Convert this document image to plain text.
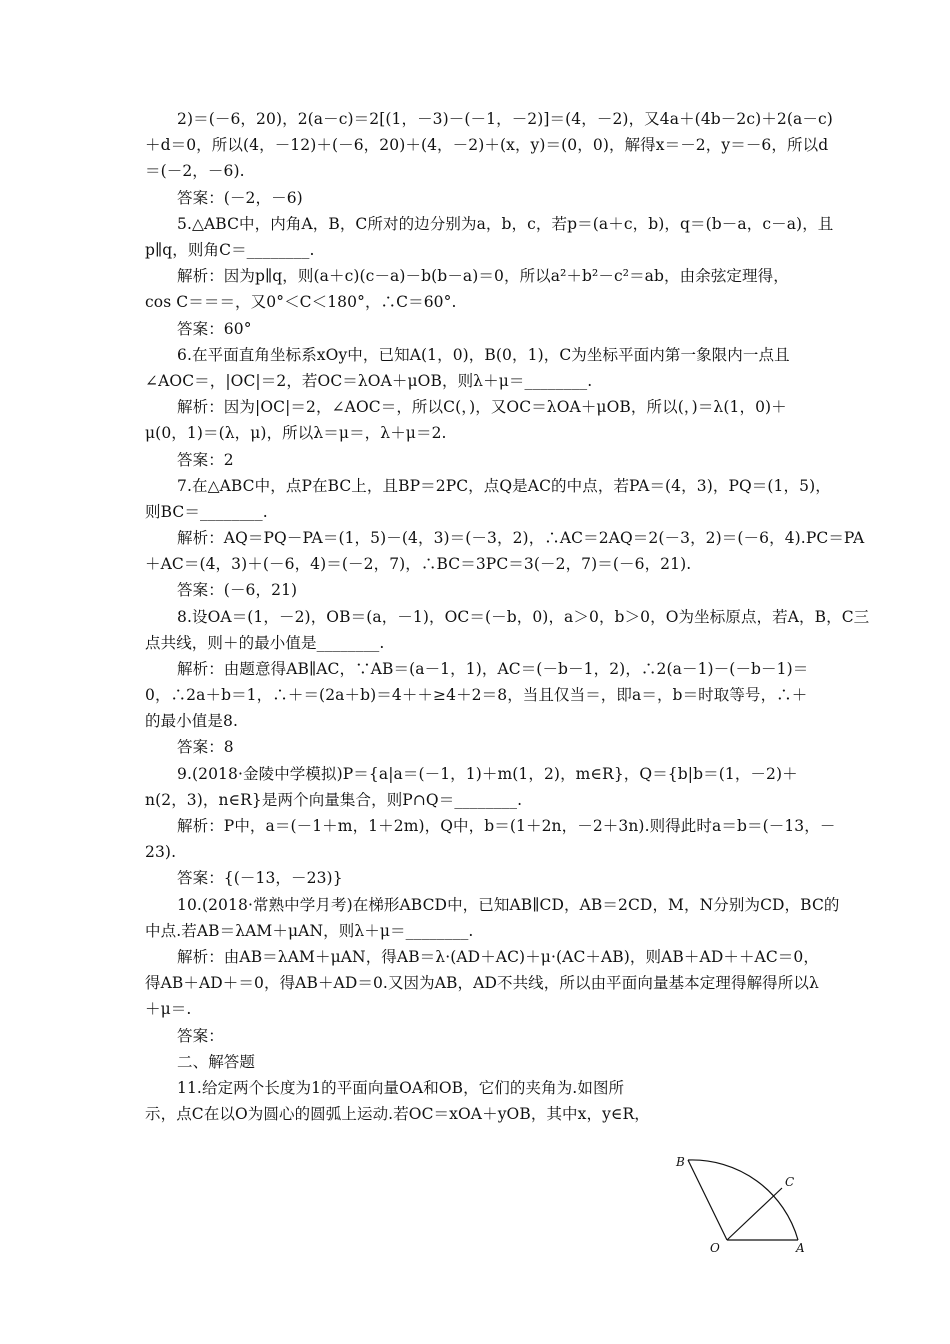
2)＝(－6，20)，2(a－c)＝2[(1，－3)－(－1，－2)]＝(4，－2)，又4a＋(4b－2c)＋2(a－c)
＋d＝0，所以(4，－12)＋(－6，20)＋(4，－2)＋(x，y)＝(0，0)，解得x＝－2，y＝－6，所以d
＝(－2，－6).
答案：(－2，－6)
5.△ABC中，内角A，B，C所对的边分别为a，b，c，若p＝(a＋c，b)，q＝(b－a，c－a)，且
p∥q，则角C＝________.
解析：因为p∥q，则(a＋c)(c－a)－b(b－a)＝0，所以a²＋b²－c²＝ab，由余弦定理得，
cos C＝＝＝，又0°＜C＜180°，∴C＝60°.
答案：60°
6.在平面直角坐标系xOy中，已知A(1，0)，B(0，1)，C为坐标平面内第一象限内一点且
∠AOC＝，|OC|＝2，若OC＝λOA＋μOB，则λ＋μ＝________.
解析：因为|OC|＝2，∠AOC＝，所以C(，)，又OC＝λOA＋μOB，所以(，)＝λ(1，0)＋
μ(0，1)＝(λ，μ)，所以λ＝μ＝，λ＋μ＝2.
答案：2
7.在△ABC中，点P在BC上，且BP＝2PC，点Q是AC的中点，若PA＝(4，3)，PQ＝(1，5)，
则BC＝________.
解析：AQ＝PQ－PA＝(1，5)－(4，3)＝(－3，2)，∴AC＝2AQ＝2(－3，2)＝(－6，4).PC＝PA
＋AC＝(4，3)＋(－6，4)＝(－2，7)，∴BC＝3PC＝3(－2，7)＝(－6，21).
答案：(－6，21)
8.设OA＝(1，－2)，OB＝(a，－1)，OC＝(－b，0)，a＞0，b＞0，O为坐标原点，若A，B，C三
点共线，则＋的最小值是________.
解析：由题意得AB∥AC，∵AB＝(a－1，1)，AC＝(－b－1，2)，∴2(a－1)－(－b－1)＝
0，∴2a＋b＝1，∴＋＝(2a＋b)＝4＋＋≥4＋2＝8，当且仅当＝，即a＝，b＝时取等号，∴＋
的最小值是8.
答案：8
9.(2018·金陵中学模拟)P＝{a|a＝(－1，1)＋m(1，2)，m∈R}，Q＝{b|b＝(1，－2)＋
n(2，3)，n∈R}是两个向量集合，则P∩Q＝________.
解析：P中，a＝(－1＋m，1＋2m)，Q中，b＝(1＋2n，－2＋3n).则得此时a＝b＝(－13，－
23).
答案：{(－13，－23)}
10.(2018·常熟中学月考)在梯形ABCD中，已知AB∥CD，AB＝2CD，M，N分别为CD，BC的
中点.若AB＝λAM＋μAN，则λ＋μ＝________.
解析：由AB＝λAM＋μAN，得AB＝λ·(AD＋AC)＋μ·(AC＋AB)，则AB＋AD＋＋AC＝0，
得AB＋AD＋＝0，得AB＋AD＝0.又因为AB，AD不共线，所以由平面向量基本定理得解得所以λ
＋μ＝.
答案：
二、解答题
11.给定两个长度为1的平面向量OA和OB，它们的夹角为.如图所
示，点C在以O为圆心的圆弧上运动.若OC＝xOA＋yOB，其中x，y∈R，
B
C
O	A
